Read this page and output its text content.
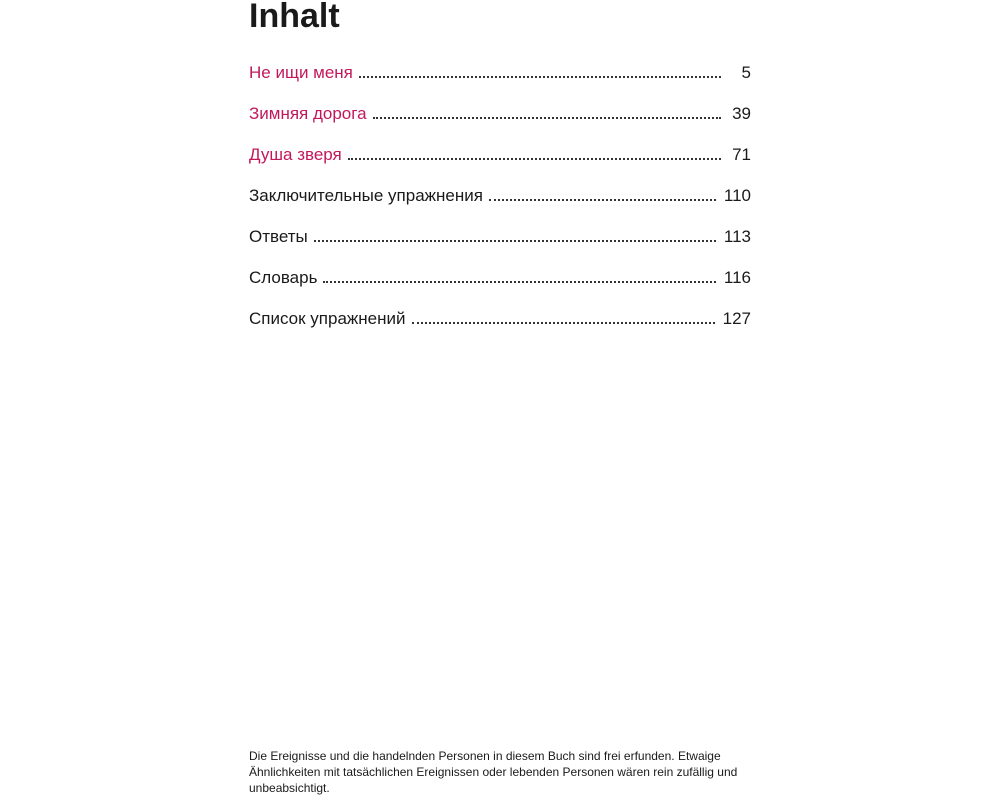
Inhalt
Не ищи меня	5
Зимняя дорога	39
Душа зверя	71
Заключительные упражнения	110
Ответы	113
Словарь	116
Список упражнений	127

Die Ereignisse und die handelnden Personen in diesem Buch sind frei erfunden. Etwaige Ähnlichkeiten mit tatsächlichen Ereignissen oder lebenden Personen wären rein zufällig und unbeabsichtigt.
